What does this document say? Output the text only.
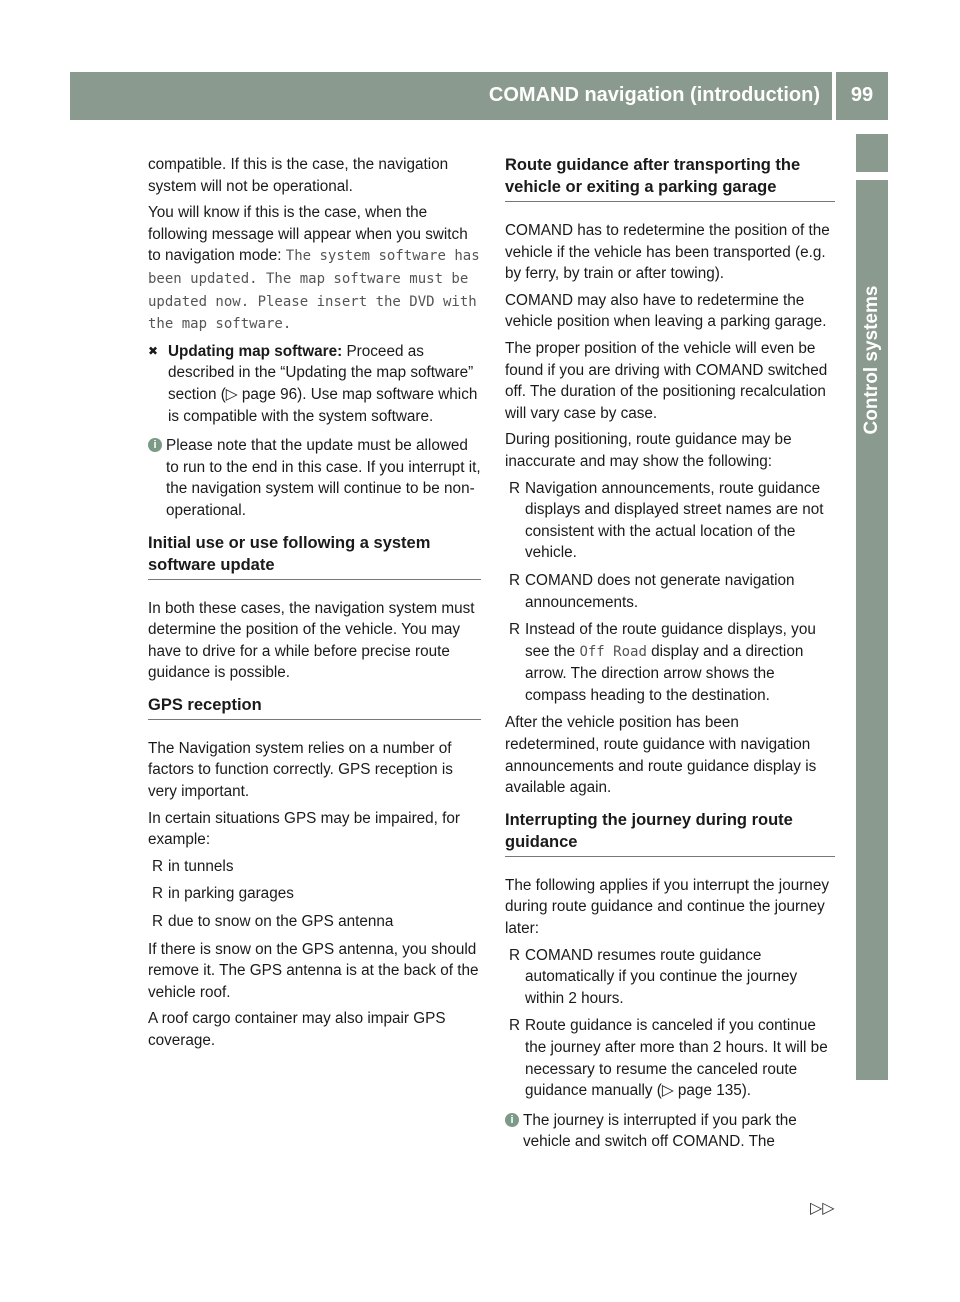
COMAND navigation (introduction)	99
Control systems

compatible. If this is the case, the navigation system will not be operational.

You will know if this is the case, when the following message will appear when you switch to navigation mode: The system software has been updated. The map software must be updated now. Please insert the DVD with the map software.

✖ Updating map software: Proceed as described in the “Updating the map software” section (▷ page 96). Use map software which is compatible with the system software.
i Please note that the update must be allowed to run to the end in this case. If you interrupt it, the navigation system will continue to be non-operational.
Initial use or use following a system software update

In both these cases, the navigation system must determine the position of the vehicle. You may have to drive for a while before precise route guidance is possible.

GPS reception

The Navigation system relies on a number of factors to function correctly. GPS reception is very important.

In certain situations GPS may be impaired, for example:

R in tunnels
R in parking garages
R due to snow on the GPS antenna

If there is snow on the GPS antenna, you should remove it. The GPS antenna is at the back of the vehicle roof.

A roof cargo container may also impair GPS coverage.

Route guidance after transporting the vehicle or exiting a parking garage

COMAND has to redetermine the position of the vehicle if the vehicle has been transported (e.g. by ferry, by train or after towing).

COMAND may also have to redetermine the vehicle position when leaving a parking garage.

The proper position of the vehicle will even be found if you are driving with COMAND switched off. The duration of the positioning recalculation will vary case by case.

During positioning, route guidance may be inaccurate and may show the following:

R Navigation announcements, route guidance displays and displayed street names are not consistent with the actual location of the vehicle.
R COMAND does not generate navigation announcements.
R Instead of the route guidance displays, you see the Off Road display and a direction arrow. The direction arrow shows the compass heading to the destination.

After the vehicle position has been redetermined, route guidance with navigation announcements and route guidance display is available again.

Interrupting the journey during route guidance

The following applies if you interrupt the journey during route guidance and continue the journey later:

R COMAND resumes route guidance automatically if you continue the journey within 2 hours.
R Route guidance is canceled if you continue the journey after more than 2 hours. It will be necessary to resume the canceled route guidance manually (▷ page 135).
i The journey is interrupted if you park the vehicle and switch off COMAND. The
▷▷
